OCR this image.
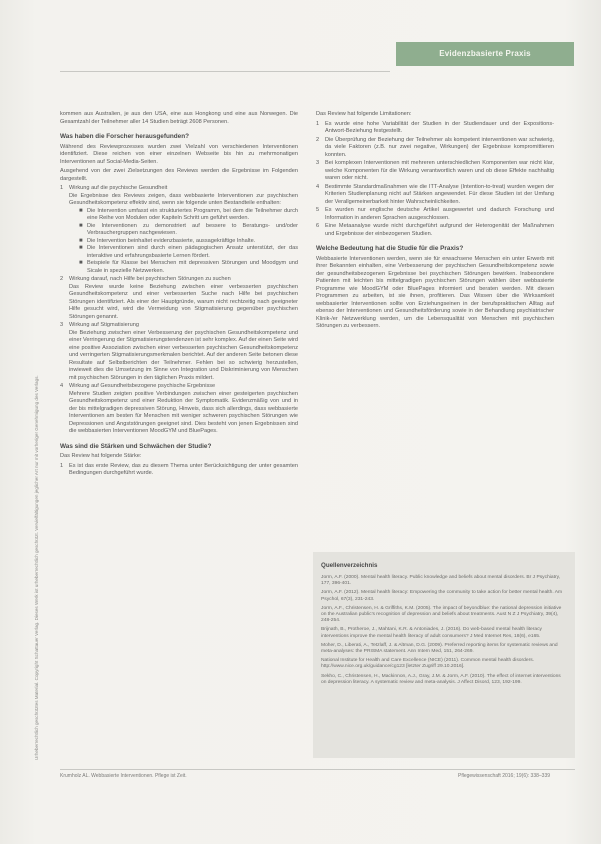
Evidenzbasierte Praxis
Urheberrechtlich geschütztes Material. Copyright Schattauer Verlag. Dieses Werk ist urheberrechtlich geschützt. Vervielfältigungen jeglicher Art nur mit vorheriger Genehmigung des Verlags.
kommen aus Australien, je aus den USA, eine aus Hongkong und eine aus Norwegen. Die Gesamtzahl der Teilnehmer aller 14 Studien beträgt 2608 Personen.
Was haben die Forscher herausgefunden?
Während des Reviewprozesses wurden zwei Vielzahl von verschiedenen Interventionen identifiziert. Diese reichen von einer einzelnen Webseite bis hin zu mehrmonatigen Interventionen auf Social-Media-Seiten.
Ausgehend von der zwei Zielsetzungen des Reviews werden die Ergebnisse im Folgenden dargestellt.
1	Wirkung auf die psychische Gesundheit
Die Ergebnisse des Reviews zeigen, dass webbasierte Interventionen zur psychischen Gesundheitskompetenz effektiv sind, wenn sie folgende unten Bestandteile enthalten:
■ Die Intervention umfasst ein strukturiertes Programm, bei dem die Teilnehmer durch eine Reihe von Modulen oder Kapiteln Schritt um geführt werden.
■ Die Interventionen zu demonstriert auf bessere to Beratungs- und/oder Verbrauchergruppen nachgewiesen.
■ Die Intervention beinhaltet evidenzbasierte, aussagekräftige Inhalte.
■ Die Interventionen sind durch einen pädagogischen Ansatz unterstützt, der das interaktive und erfahrungsbasierte Lernen fördert.
■ Beispiele für Klasse bei Menschen mit depressiven Störungen und Moodgym und Sicale in spezielle Netzwerken.
2	Wirkung darauf, nach Hilfe bei psychischen Störungen zu suchen
Das Review wurde keine Beziehung zwischen einer verbesserten psychischen Gesundheitskompetenz und einer verbesserten Suche nach Hilfe bei psychischen Störungen identifiziert. Als einer der Hauptgründe, warum nicht rechtzeitig nach geeigneter Hilfe gesucht wird, wird die Vermeidung von Stigmatisierung gegenüber psychischen Störungen genannt.
3	Wirkung auf Stigmatisierung
Die Beziehung zwischen einer Verbesserung der psychischen Gesundheitskompetenz und einer Verringerung der Stigmatisierungstendenzen ist sehr komplex. Auf der einen Seite wird eine positive Assoziation zwischen einer verbesserten psychischen Gesundheitskompetenz und verringerten Stigmatisierungsmerkmalen berichtet. Auf der anderen Seite betonen diese Resultate auf Selbstberichten der Teilnehmer. Fehlen bei so schwierig herzustellen, inwieweit dies die Umsetzung im Sinne von Integration und Diskriminierung von Menschen mit psychischen Störungen in den täglichen Praxis mildert.
4	Wirkung auf Gesundheitsbezogene psychische Ergebnisse
Mehrere Studien zeigten positive Verbindungen zwischen einer gesteigerten psychischen Gesundheitskompetenz und einer Reduktion der Symptomatik. Evidenzmäßig von und in der bis mittelgradigen depressiven Störung, Hinweis, dass sich allerdings, dass webbasierte Interventionen am besten für Menschen mit weniger schweren psychischen Störungen wie Depressionen und Angststörungen geeignet sind. Dies besteht von jenen Ergebnissen sind die webbasierten Interventionen MoodGYM und BluePages.
Was sind die Stärken und Schwächen der Studie?
Das Review hat folgende Stärke:
1	Es ist das erste Review, das zu diesem Thema unter Berücksichtigung der unter gesamten Bedingungen durchgeführt wurde.
Das Review hat folgende Limitationen:
1	Es wurde eine hohe Variabilität der Studien in der Studiendauer und der Expositions-Antwort-Beziehung festgestellt.
2	Die Überprüfung der Beziehung der Teilnehmer als kompetent interventionen war schwierig, da viele Faktoren (z.B. nur zwei negative, Wirkungen) der Ergebnisse kompromittieren konnten.
3	Bei komplexen Interventionen mit mehreren unterschiedlichen Komponenten war nicht klar, welche Komponenten für die Wirkung verantwortlich waren und ob diese Effekte nachhaltig waren oder nicht.
4	Bestimmte Standardmaßnahmen wie die ITT-Analyse (Intention-to-treat) wurden wegen der Kriterien Studienplanung nicht auf Stärken angewendet. Für diese Studien ist der Umfang der Verallgemeinerbarkeit hinter Wahrscheinlichkeiten.
5	Es wurden nur englische deutsche Artikel ausgewertet und dadurch Forschung und Information in anderen Sprachen ausgeschlossen.
6	Eine Metaanalyse wurde nicht durchgeführt aufgrund der Heterogenität der Maßnahmen und Ergebnisse der einbezogenen Studien.
Welche Bedeutung hat die Studie für die Praxis?
Webbasierte Interventionen werden, wenn sie für erwachsene Menschen ein unter Erwerb mit ihrer Bekannten einhalten, eine Verbesserung der psychischen Gesundheitskompetenz sowie der gesundheitsbezogenen Ergebnisse bei psychischen Störungen bewirken. Insbesondere Patienten mit leichten bis mittelgradigen psychischen Störungen wählen über webbasierte Programme wie MoodGYM oder BluePages informiert und beraten werden. Mit diesen Programmen zu arbeiten, ist sie ihnen, profitieren. Das Wissen über die Wirksamkeit webbasierter Interventionen sollte von Erziehungseinen in der berufspraktischen Alltag auf ebenso der Interventionen und Gesundheitsförderung sowie in der Behandlung psychiatrischer Klinik-/er Netzwerklung werden, um die Lebensqualität von Menschen mit psychischen Störungen zu verbessern.
Quellenverzeichnis
Jorm, A.F. (2000). Mental health literacy. Public knowledge and beliefs about mental disorders. Br J Psychiatry, 177, 396-401.
Jorm, A.F. (2012). Mental health literacy: Empowering the community to take action for better mental health. Am Psychol, 67(3), 231-243.
Jorm, A.F., Christensen, H. & Griffiths, K.M. (2005). The impact of beyondblue: the national depression initiative on the Australian public's recognition of depression and beliefs about treatments. Aust N Z J Psychiatry, 39(4), 248-254.
Brijnath, B., Protheroe, J., Mahtani, K.R. & Antoniades, J. (2016). Do web-based mental health literacy interventions improve the mental health literacy of adult consumers? J Med Internet Res, 18(6), e165.
Moher, D., Liberati, A., Tetzlaff, J. & Altman, D.G. (2009). Preferred reporting items for systematic reviews and meta-analyses: the PRISMA statement. Ann Intern Med, 151, 264-269.
National Institute for Health and Care Excellence (NICE) (2011). Common mental health disorders. http://www.nice.org.uk/guidance/cg123 [letzter Zugriff 29.10.2016].
Sekho, C., Christensen, H., Mackinnon, A.J., Gray, J.M. & Jorm, A.F. (2010). The effect of internet interventions on depression literacy. A systematic review and meta-analysis. J Affect Disord, 123, 192-199.
Krumholz AL. Webbasierte Interventionen. Pflege ist Zeit.	Pflegewissenschaft 2016; 19(6): 338–339
